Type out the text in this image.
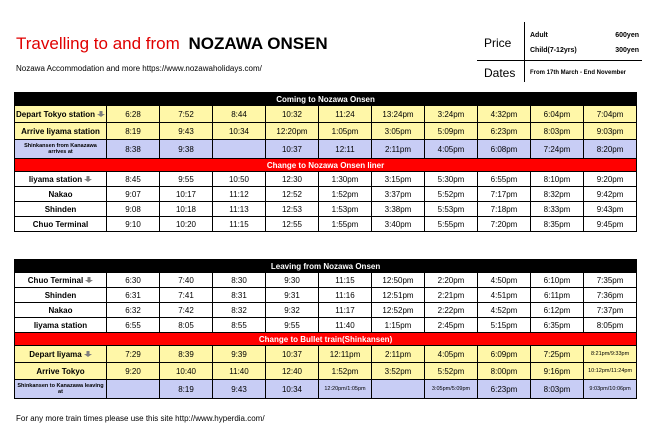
Travelling to and from NOZAWA ONSEN
Nozawa Accommodation and more https://www.nozawaholidays.com/
Price
Dates
Adult	600yen
Child(7-12yrs)	300yen
From 17th March - End November
Coming to Nozawa Onsen										
Depart Tokyo station	6:28	7:52	8:44	10:32	11:24	13:24pm	3:24pm	4:32pm	6:04pm	7:04pm
Arrive Iiyama station	8:19	9:43	10:34	12:20pm	1:05pm	3:05pm	5:09pm	6:23pm	8:03pm	9:03pm
Shinkansen from Kanazawa arrives at	8:38	9:38		10:37	12:11	2:11pm	4:05pm	6:08pm	7:24pm	8:20pm
Change to Nozawa Onsen liner										
Iiyama station	8:45	9:55	10:50	12:30	1:30pm	3:15pm	5:30pm	6:55pm	8:10pm	9:20pm
Nakao	9:07	10:17	11:12	12:52	1:52pm	3:37pm	5:52pm	7:17pm	8:32pm	9:42pm
Shinden	9:08	10:18	11:13	12:53	1:53pm	3:38pm	5:53pm	7:18pm	8:33pm	9:43pm
Chuo Terminal	9:10	10:20	11:15	12:55	1:55pm	3:40pm	5:55pm	7:20pm	8:35pm	9:45pm
Leaving from Nozawa Onsen										
Chuo Terminal	6:30	7:40	8:30	9:30	11:15	12:50pm	2:20pm	4:50pm	6:10pm	7:35pm
Shinden	6:31	7:41	8:31	9:31	11:16	12:51pm	2:21pm	4:51pm	6:11pm	7:36pm
Nakao	6:32	7:42	8:32	9:32	11:17	12:52pm	2:22pm	4:52pm	6:12pm	7:37pm
Iiyama station	6:55	8:05	8:55	9:55	11:40	1:15pm	2:45pm	5:15pm	6:35pm	8:05pm
Change to Bullet train(Shinkansen)										
Depart Iiyama	7:29	8:39	9:39	10:37	12:11pm	2:11pm	4:05pm	6:09pm	7:25pm	8:21pm/9:33pm
Arrive Tokyo	9:20	10:40	11:40	12:40	1:52pm	3:52pm	5:52pm	8:00pm	9:16pm	10:12pm/11:24pm
Shinkansen to Kanazawa leaving at		8:19	9:43	10:34	12:20pm/1:05pm		3:05pm/5:09pm	6:23pm	8:03pm	9:03pm/10:06pm
For any more train times please use this site http://www.hyperdia.com/
